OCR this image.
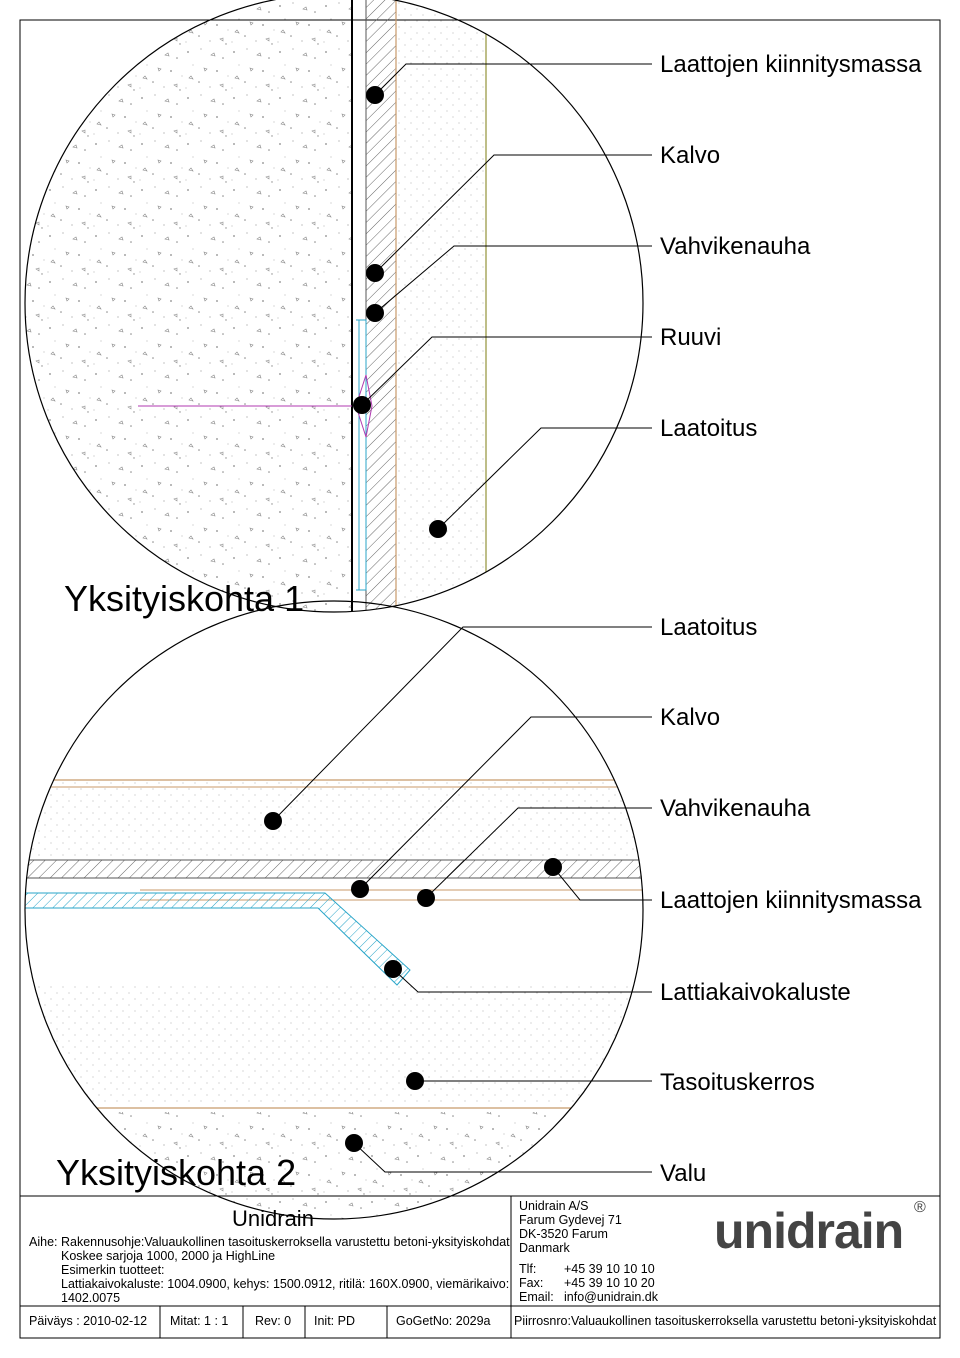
Laattojen kiinnitysmassa
Kalvo
Vahvikenauha
Ruuvi
Laatoitus
Yksityiskohta 1
Laatoitus
Kalvo
Vahvikenauha
Laattojen kiinnitysmassa
Lattiakaivokaluste
Tasoituskerros
Valu
Yksityiskohta 2
Unidrain
Aihe: Rakennusohje:Valuaukollinen tasoituskerroksella varustettu betoni-yksityiskohdat
Koskee sarjoja 1000, 2000 ja HighLine
Esimerkin tuotteet:
Lattiakaivokaluste: 1004.0900, kehys: 1500.0912, ritilä: 160X.0900, viemärikaivo:
1402.0075
Unidrain A/S
Farum Gydevej 71
DK-3520 Farum
Danmark
Tlf: +45 39 10 10 10
Fax: +45 39 10 10 20
Email: info@unidrain.dk
unidrain ®
Päiväys : 2010-02-12 Mitat: 1 : 1 Rev: 0 Init: PD	GoGetNo: 2029a Piirrosnro:Valuaukollinen tasoituskerroksella varustettu betoni-yksityiskohdat
